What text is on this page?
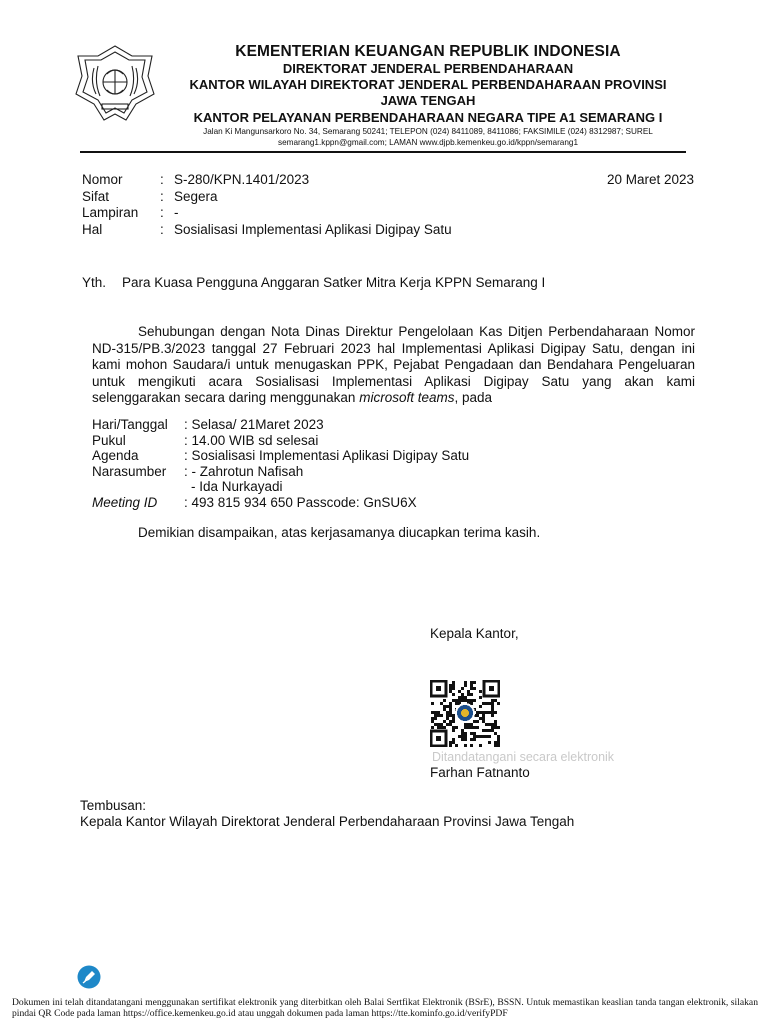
KEMENTERIAN KEUANGAN REPUBLIK INDONESIA
DIREKTORAT JENDERAL PERBENDAHARAAN
KANTOR WILAYAH DIREKTORAT JENDERAL PERBENDAHARAAN PROVINSI
JAWA TENGAH
KANTOR PELAYANAN PERBENDAHARAAN NEGARA TIPE A1 SEMARANG I
Jalan Ki Mangunsarkoro No. 34, Semarang 50241; TELEPON (024) 8411089, 8411086; FAKSIMILE (024) 8312987; SUREL
semarang1.kppn@gmail.com; LAMAN www.djpb.kemenkeu.go.id/kppn/semarang1
Nomor	: S-280/KPN.1401/2023
Sifat	: Segera
Lampiran	: -
Hal	: Sosialisasi Implementasi Aplikasi Digipay Satu
20 Maret 2023
Yth.	Para Kuasa Pengguna Anggaran Satker Mitra Kerja KPPN Semarang I
Sehubungan dengan Nota Dinas Direktur Pengelolaan Kas Ditjen Perbendaharaan Nomor ND-315/PB.3/2023 tanggal 27 Februari 2023 hal Implementasi Aplikasi Digipay Satu, dengan ini kami mohon Saudara/i untuk menugaskan PPK, Pejabat Pengadaan dan Bendahara Pengeluaran untuk mengikuti acara Sosialisasi Implementasi Aplikasi Digipay Satu yang akan kami selenggarakan secara daring menggunakan microsoft teams, pada
Hari/Tanggal	: Selasa/ 21Maret 2023
Pukul	: 14.00 WIB sd selesai
Agenda	: Sosialisasi Implementasi Aplikasi Digipay Satu
Narasumber	: - Zahrotun Nafisah
- Ida Nurkayadi
Meeting ID	: 493 815 934 650 Passcode: GnSU6X
Demikian disampaikan, atas kerjasamanya diucapkan terima kasih.
Kepala Kantor,
Ditandatangani secara elektronik
Farhan Fatnanto
Tembusan:
Kepala Kantor Wilayah Direktorat Jenderal Perbendaharaan Provinsi Jawa Tengah
Dokumen ini telah ditandatangani menggunakan sertifikat elektronik yang diterbitkan oleh Balai Sertfikat Elektronik (BSrE), BSSN. Untuk memastikan keaslian tanda tangan elektronik, silakan pindai QR Code pada laman https://office.kemenkeu.go.id atau unggah dokumen pada laman https://tte.kominfo.go.id/verifyPDF
